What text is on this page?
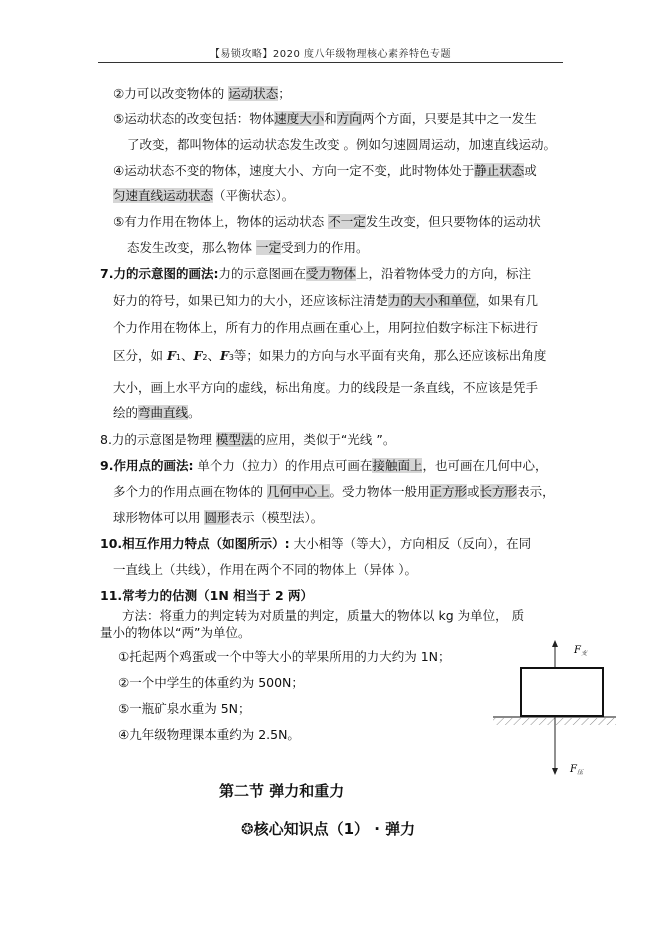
【易锁攻略】2020 度八年级物理核心素养特色专题
②力可以改变物体的 运动状态；
⑤运动状态的改变包括：物体速度大小和方向两个方面，只要是其中之一发生
了改变，都叫物体的运动状态发生改变 。例如匀速圆周运动，加速直线运动。
④运动状态不变的物体，速度大小、方向一定不变，此时物体处于静止状态或
匀速直线运动状态（平衡状态）。
⑤有力作用在物体上，物体的运动状态 不一定发生改变，但只要物体的运动状
态发生改变，那么物体 一定受到力的作用。
7.力的示意图的画法:力的示意图画在受力物体上，沿着物体受力的方向，标注
好力的符号，如果已知力的大小，还应该标注清楚力的大小和单位，如果有几
个力作用在物体上，所有力的作用点画在重心上，用阿拉伯数字标注下标进行
区分，如 F1、F2、F3等；如果力的方向与水平面有夹角，那么还应该标出角度
大小，画上水平方向的虚线，标出角度。力的线段是一条直线，不应该是凭手
绘的弯曲直线。
8.力的示意图是物理 模型法的应用，类似于“光线 ”。
9.作用点的画法: 单个力（拉力）的作用点可画在接触面上，也可画在几何中心，
多个力的作用点画在物体的 几何中心上。受力物体一般用正方形或长方形表示，
球形物体可以用 圆形表示（模型法）。
10.相互作用力特点（如图所示）: 大小相等（等大），方向相反（反向），在同
一直线上（共线），作用在两个不同的物体上（异体 ）。
11.常考力的估测（1N 相当于 2 两）
方法：将重力的判定转为对质量的判定，质量大的物体以 kg 为单位， 质
量小的物体以“两”为单位。
①托起两个鸡蛋或一个中等大小的苹果所用的力大约为 1N；
②一个中学生的体重约为 500N；
⑤一瓶矿泉水重为 5N；
④九年级物理课本重约为 2.5N。
$F_支$
$F_压$
第二节 弹力和重力
❂核心知识点（1） · 弹力
